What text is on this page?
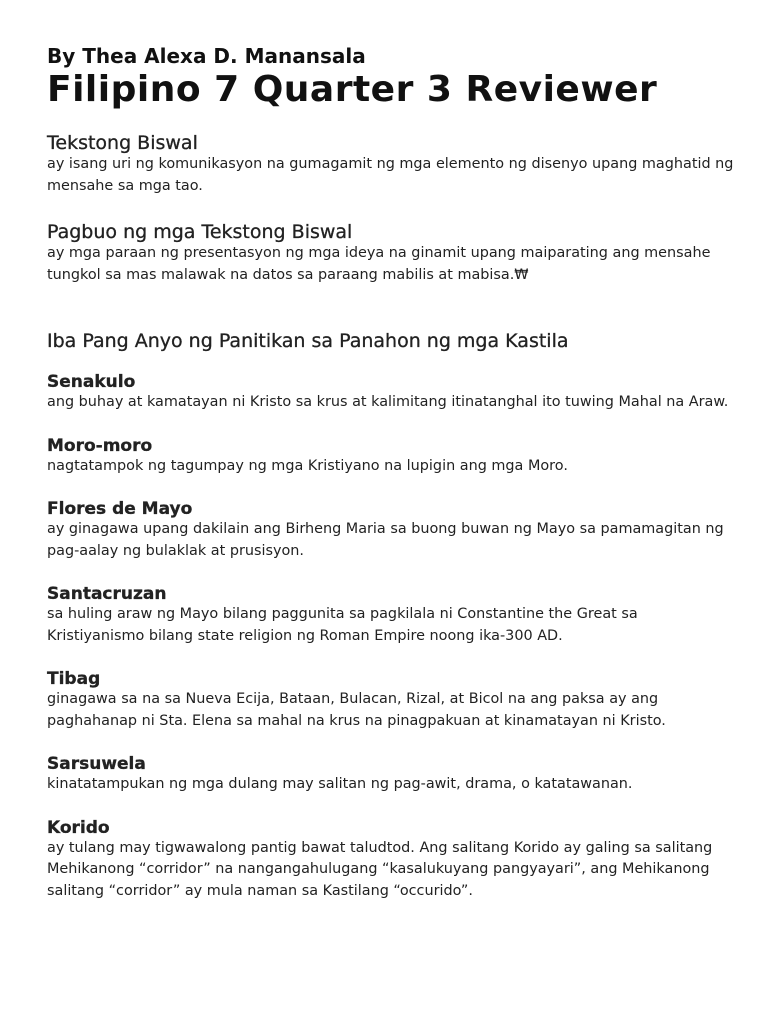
By Thea Alexa D. Manansala

Filipino 7 Quarter 3 Reviewer
Tekstong Biswal

ay isang uri ng komunikasyon na gumagamit ng mga elemento ng disenyo upang maghatid ng mensahe sa mga tao.

Pagbuo ng mga Tekstong Biswal

ay mga paraan ng presentasyon ng mga ideya na ginamit upang maiparating ang mensahe tungkol sa mas malawak na datos sa paraang mabilis at mabisa.₩

Iba Pang Anyo ng Panitikan sa Panahon ng mga Kastila
Senakulo

ang buhay at kamatayan ni Kristo sa krus at kalimitang itinatanghal ito tuwing Mahal na Araw.

Moro-moro

nagtatampok ng tagumpay ng mga Kristiyano na lupigin ang mga Moro.

Flores de Mayo

ay ginagawa upang dakilain ang Birheng Maria sa buong buwan ng Mayo sa pamamagitan ng pag-aalay ng bulaklak at prusisyon.

Santacruzan

sa huling araw ng Mayo bilang paggunita sa pagkilala ni Constantine the Great sa Kristiyanismo bilang state religion ng Roman Empire noong ika-300 AD.

Tibag

ginagawa sa na sa Nueva Ecija, Bataan, Bulacan, Rizal, at Bicol na ang paksa ay ang paghahanap ni Sta. Elena sa mahal na krus na pinagpakuan at kinamatayan ni Kristo.

Sarsuwela

kinatatampukan ng mga dulang may salitan ng pag-awit, drama, o katatawanan.

Korido

ay tulang may tigwawalong pantig bawat taludtod. Ang salitang Korido ay galing sa salitang Mehikanong “corridor” na nangangahulugang “kasalukuyang pangyayari”, ang Mehikanong salitang “corridor” ay mula naman sa Kastilang “occurido”.
